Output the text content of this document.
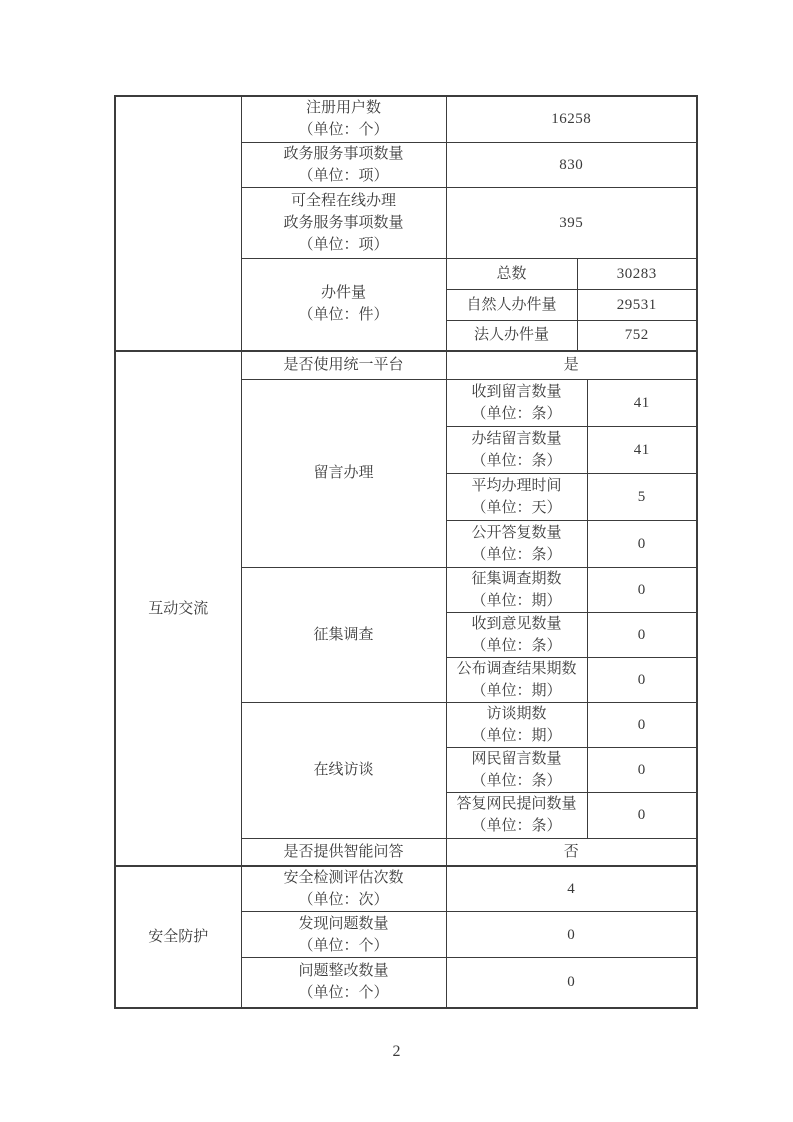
	注册用户数
（单位：个）	16258		

	政务服务事项数量
（单位：项）	830		

	可全程在线办理
政务服务事项数量
（单位：项）	395		

	办件量
（单位：件）	总数	30283	
		自然人办件量	29531	
		法人办件量	752	
互动交流	是否使用统一平台	是		
	留言办理	收到留言数量
（单位：条）		41

		办结留言数量
（单位：条）		41

		平均办理时间
（单位：天）		5

		公开答复数量
（单位：条）		0
	征集调查	征集调查期数
（单位：期）		0

		收到意见数量
（单位：条）		0

		公布调查结果期数
（单位：期）		0
	在线访谈	访谈期数
（单位：期）		0

		网民留言数量
（单位：条）		0

		答复网民提问数量
（单位：条）		0
	是否提供智能问答	否		
安全防护	安全检测评估次数
（单位：次）	4		

	发现问题数量
（单位：个）	0		

	问题整改数量
（单位：个）	0		
2
